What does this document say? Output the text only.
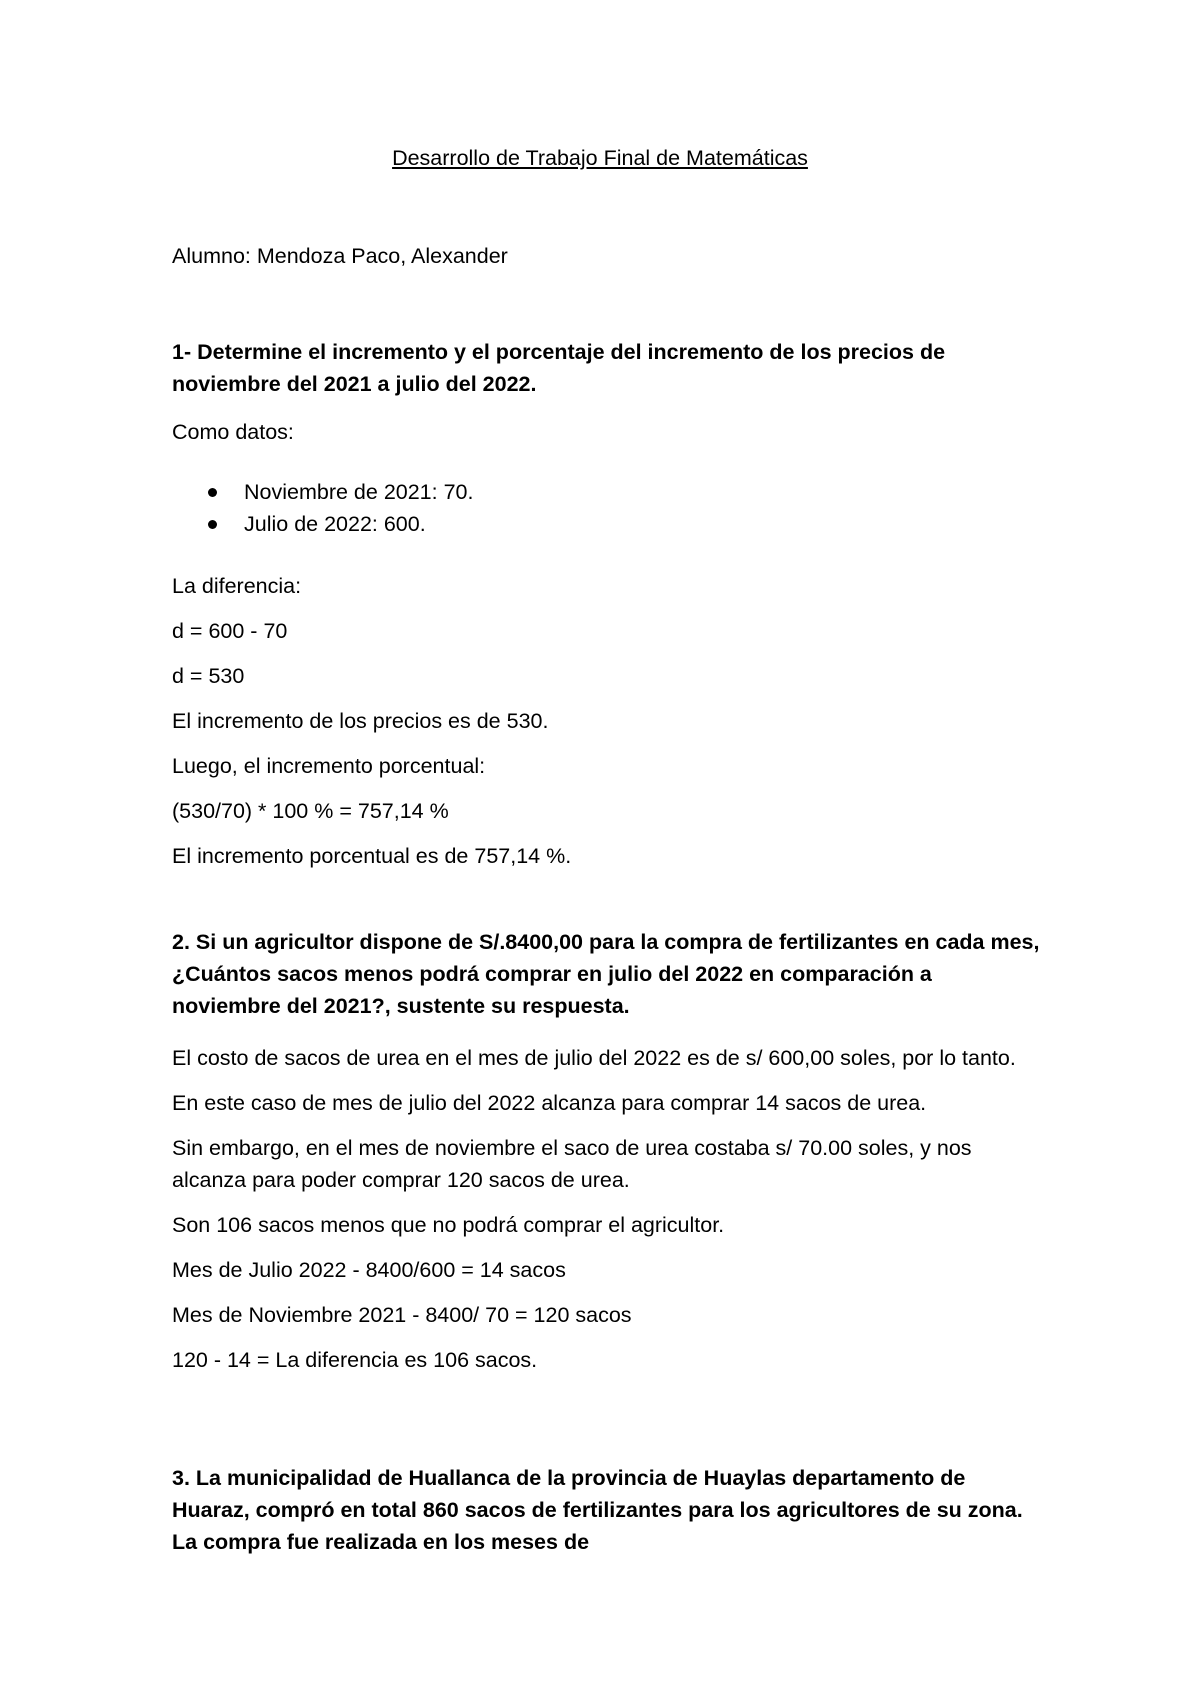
Desarrollo de Trabajo Final de Matemáticas

Alumno: Mendoza Paco, Alexander

1- Determine el incremento y el porcentaje del incremento de los precios de noviembre del 2021 a julio del 2022.

Como datos:

Noviembre de 2021: 70.
Julio de 2022: 600.

La diferencia:

d = 600 - 70

d = 530

El incremento de los precios es de 530.

Luego, el incremento porcentual:

(530/70) * 100 % = 757,14 %

El incremento porcentual es de 757,14 %.

2. Si un agricultor dispone de S/.8400,00 para la compra de fertilizantes en cada mes, ¿Cuántos sacos menos podrá comprar en julio del 2022 en comparación a noviembre del 2021?, sustente su respuesta.

El costo de sacos de urea en el mes de julio del 2022 es de s/ 600,00 soles, por lo tanto.

En este caso de mes de julio del 2022 alcanza para comprar 14 sacos de urea.

Sin embargo, en el mes de noviembre el saco de urea costaba s/ 70.00 soles, y nos alcanza para poder comprar 120 sacos de urea.

Son 106 sacos menos que no podrá comprar el agricultor.

Mes de Julio 2022 - 8400/600 = 14 sacos

Mes de Noviembre 2021 - 8400/ 70 = 120 sacos

120 - 14 = La diferencia es 106 sacos.

3. La municipalidad de Huallanca de la provincia de Huaylas departamento de Huaraz, compró en total 860 sacos de fertilizantes para los agricultores de su zona. La compra fue realizada en los meses de
